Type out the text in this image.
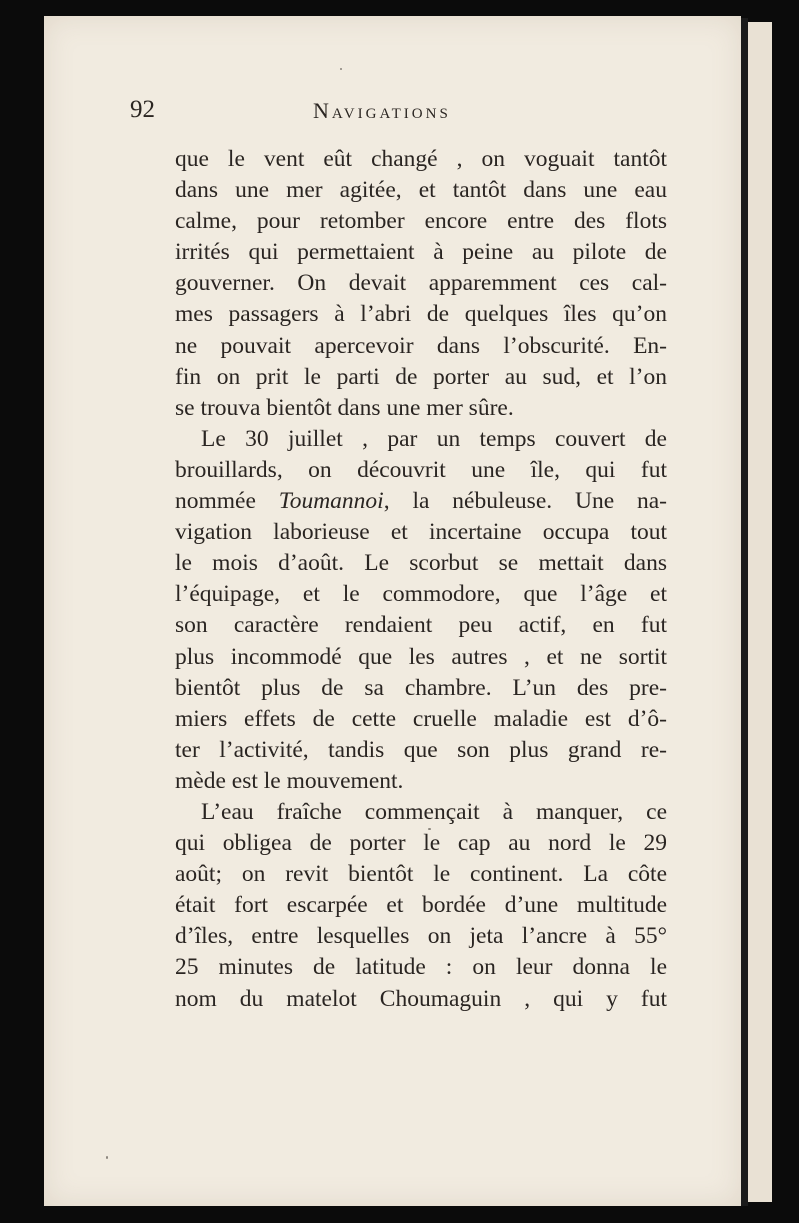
92	Navigations
que le vent eût changé , on voguait tantôt
dans une mer agitée, et tantôt dans une eau
calme, pour retomber encore entre des flots
irrités qui permettaient à peine au pilote de
gouverner. On devait apparemment ces cal-
mes passagers à l’abri de quelques îles qu’on
ne pouvait apercevoir dans l’obscurité. En-
fin on prit le parti de porter au sud, et l’on
se trouva bientôt dans une mer sûre.
Le 30 juillet , par un temps couvert de
brouillards, on découvrit une île, qui fut
nommée Toumannoi, la nébuleuse. Une na-
vigation laborieuse et incertaine occupa tout
le mois d’août. Le scorbut se mettait dans
l’équipage, et le commodore, que l’âge et
son caractère rendaient peu actif, en fut
plus incommodé que les autres , et ne sortit
bientôt plus de sa chambre. L’un des pre-
miers effets de cette cruelle maladie est d’ô-
ter l’activité, tandis que son plus grand re-
mède est le mouvement.
L’eau fraîche commençait à manquer, ce
qui obligea de porter le cap au nord le 29
août; on revit bientôt le continent. La côte
était fort escarpée et bordée d’une multitude
d’îles, entre lesquelles on jeta l’ancre à 55°
25 minutes de latitude : on leur donna le
nom du matelot Choumaguin , qui y fut
